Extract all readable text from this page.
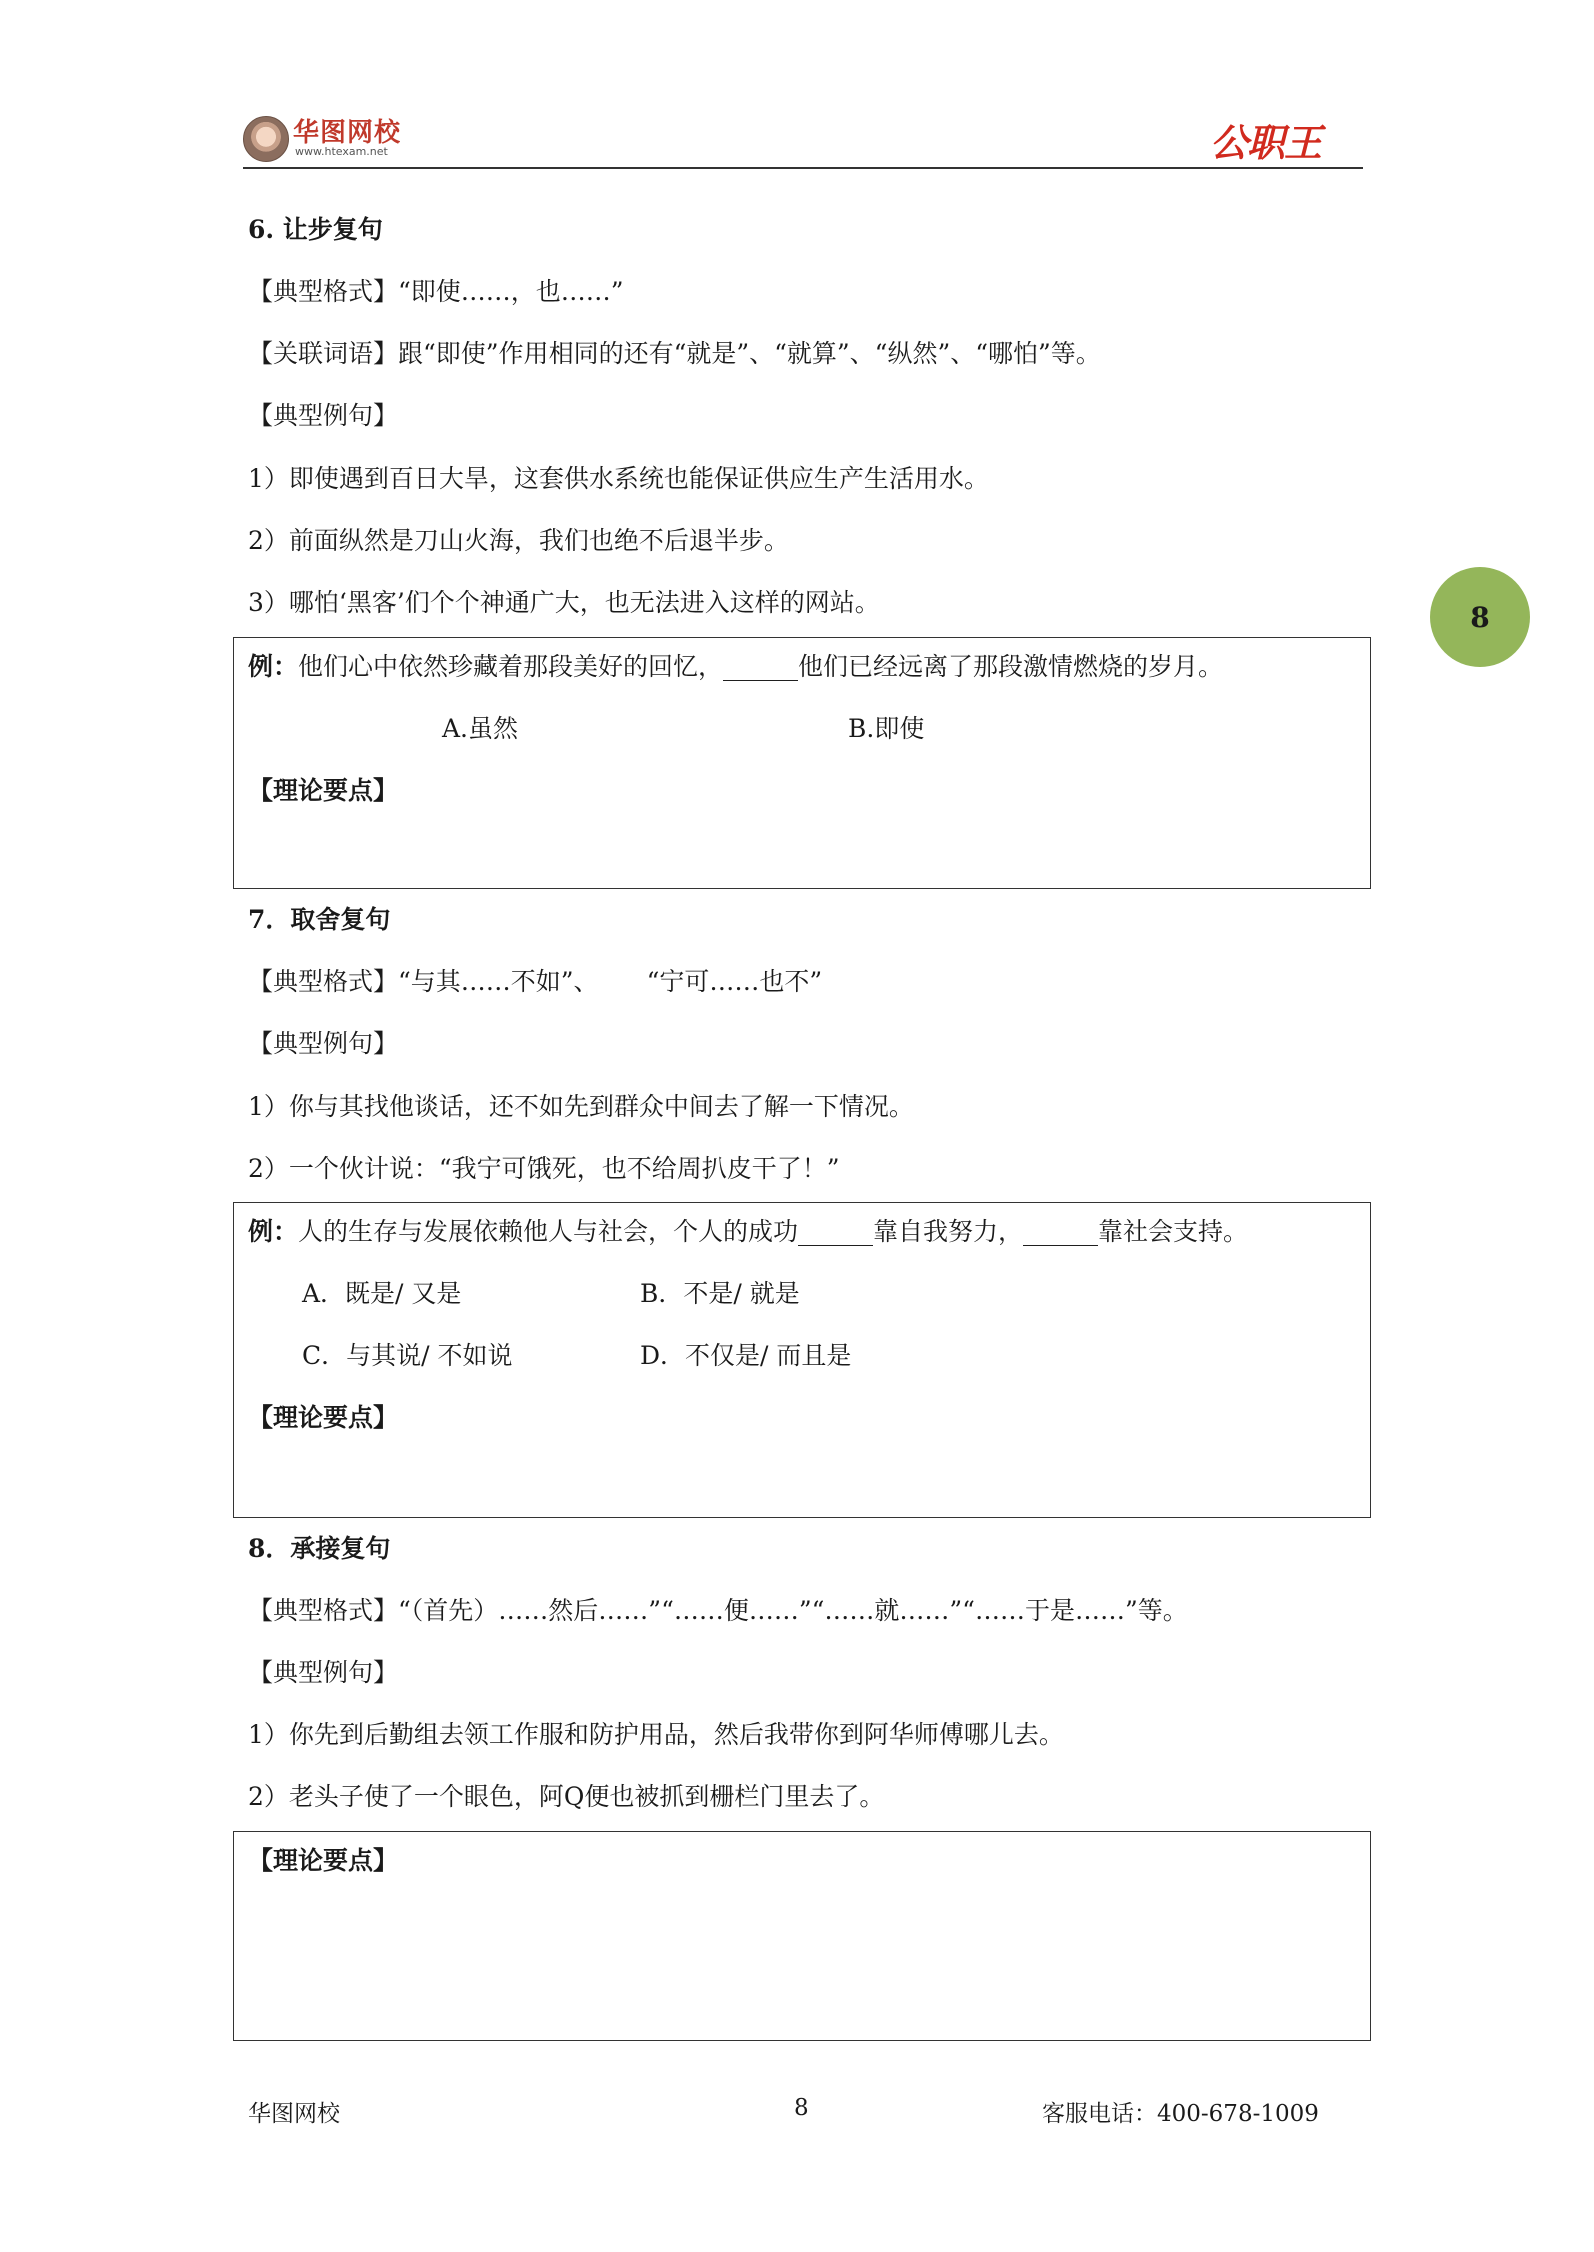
华图网校
www.htexam.net	公职王
8
6. 让步复句
【典型格式】“即使……，也……”
【关联词语】跟“即使”作用相同的还有“就是”、“就算”、“纵然”、“哪怕”等。
【典型例句】
1）即使遇到百日大旱，这套供水系统也能保证供应生产生活用水。
2）前面纵然是刀山火海，我们也绝不后退半步。
3）哪怕‘黑客’们个个神通广大，也无法进入这样的网站。
例：他们心中依然珍藏着那段美好的回忆，______他们已经远离了那段激情燃烧的岁月。
A.虽然	B.即使
【理论要点】
7．取舍复句
【典型格式】“与其……不如”、 “宁可……也不”
【典型例句】
1）你与其找他谈话，还不如先到群众中间去了解一下情况。
2）一个伙计说：“我宁可饿死，也不给周扒皮干了！”
例：人的生存与发展依赖他人与社会，个人的成功______靠自我努力，______靠社会支持。
A．既是/ 又是	B．不是/ 就是
C．与其说/ 不如说	D．不仅是/ 而且是
【理论要点】
8．承接复句
【典型格式】“（首先）……然后……”“……便……”“……就……”“……于是……”等。
【典型例句】
1）你先到后勤组去领工作服和防护用品，然后我带你到阿华师傅哪儿去。
2）老头子使了一个眼色，阿Q便也被抓到栅栏门里去了。
【理论要点】
华图网校	8	客服电话：400-678-1009
